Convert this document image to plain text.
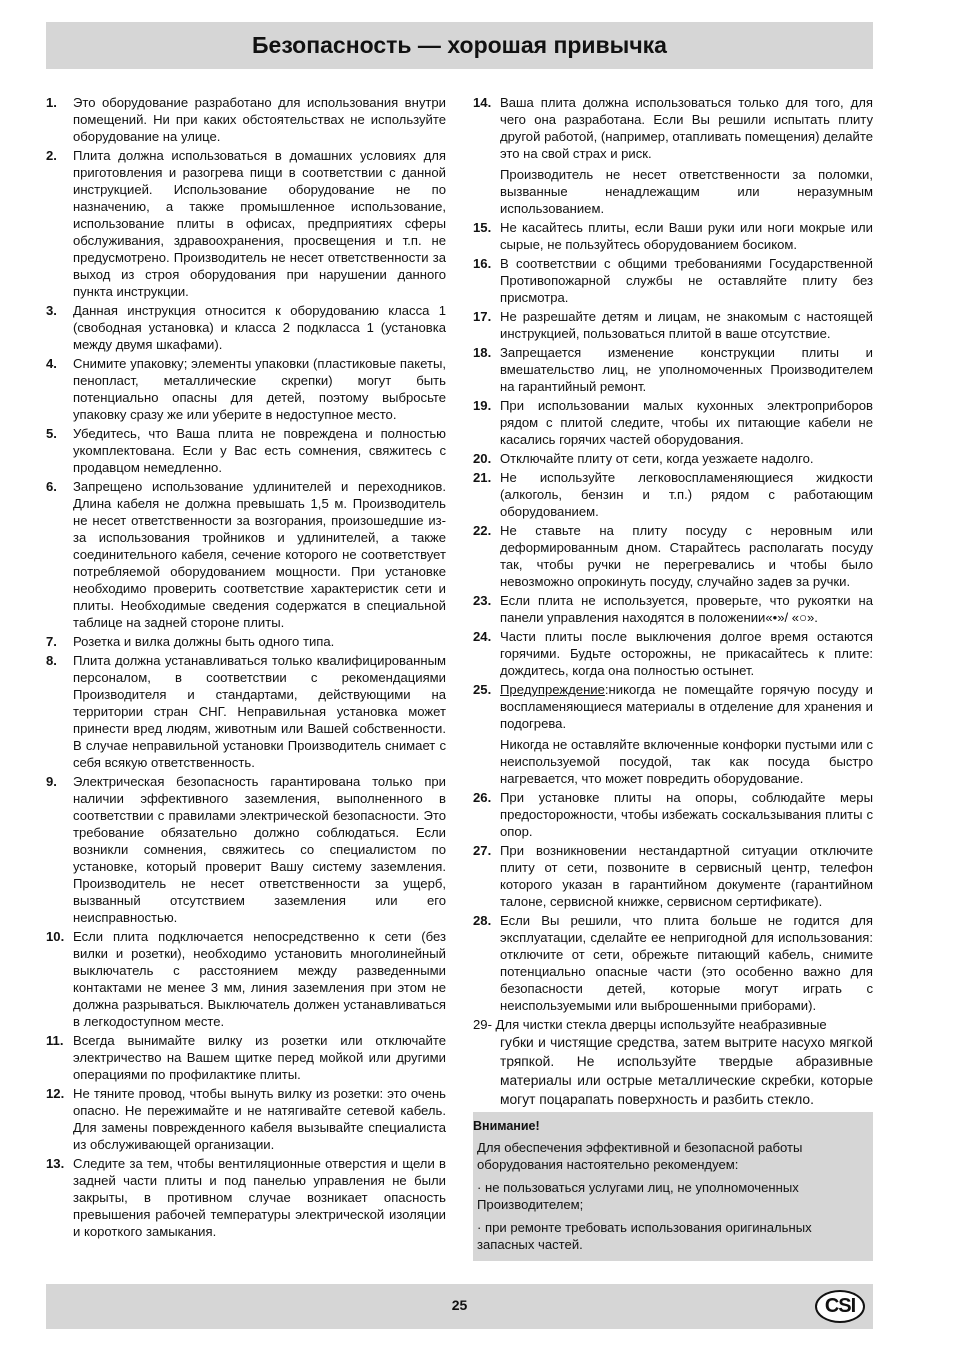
Безопасность — хорошая привычка
1.	Это оборудование разработано для использования внутри помещений. Ни при каких обстоятельствах не используйте оборудование на улице.

2.	Плита должна использоваться в домашних условиях для приготовления и разогрева пищи в соответствии с данной инструкцией. Использование оборудование не по назначению, а также промышленное использование, использование плиты в офисах, предприятиях сферы обслуживания, здравоохранения, просвещения и т.п. не предусмотрено. Производитель не несет ответственности за выход из строя оборудования при нарушении данного пункта инструкции.

3.	Данная инструкция относится к оборудованию класса 1 (свободная установка) и класса 2 подкласса 1 (установка между двумя шкафами).

4.	Снимите упаковку; элементы упаковки (пластиковые пакеты, пенопласт, металлические скрепки) могут быть потенциально опасны для детей, поэтому выбросьте упаковку сразу же или уберите в недоступное место.

5.	Убедитесь, что Ваша плита не повреждена и полностью укомплектована. Если у Вас есть сомнения, свяжитесь с продавцом немедленно.

6.	Запрещено использование удлинителей и переходников. Длина кабеля не должна превышать 1,5 м. Производитель не несет ответственности за возгорания, произошедшие из-за использования тройников и удлинителей, а также соединительного кабеля, сечение которого не соответствует потребляемой оборудованием мощности. При установке необходимо проверить соответствие характеристик сети и плиты. Необходимые сведения содержатся в специальной таблице на задней стороне плиты.

7.	Розетка и вилка должны быть одного типа.

8.	Плита должна устанавливаться только квалифицированным персоналом, в соответствии с рекомендациями Производителя и стандартами, действующими на территории стран СНГ. Неправильная установка может принести вред людям, животным или Вашей собственности. В случае неправильной установки Производитель снимает с себя всякую ответственность.

9.	Электрическая безопасность гарантирована только при наличии эффективного заземления, выполненного в соответствии с правилами электрической безопасности. Это требование обязательно должно соблюдаться. Если возникли сомнения, свяжитесь со специалистом по установке, который проверит Вашу систему заземления. Производитель не несет ответственности за ущерб, вызванный отсутствием заземления или его неисправностью.

10. Если плита подключается непосредственно к сети (без вилки и розетки), необходимо установить многолинейный выключатель с расстоянием между разведенными контактами не менее 3 мм, линия заземления при этом не должна разрываться. Выключатель должен устанавливаться в легкодоступном месте.

11. Всегда вынимайте вилку из розетки или отключайте электричество на Вашем щитке перед мойкой или другими операциями по профилактике плиты.

12. Не тяните провод, чтобы вынуть вилку из розетки: это очень опасно. Не пережимайте и не натягивайте сетевой кабель. Для замены поврежденного кабеля вызывайте специалиста из обслуживающей организации.

13. Следите за тем, чтобы вентиляционные отверстия и щели в задней части плиты и под панелью управления не были закрыты, в противном случае возникает опасность превышения рабочей температуры электрической изоляции и короткого замыкания.

14. Ваша плита должна использоваться только для того, для чего она разработана. Если Вы решили испытать плиту другой работой, (например, отапливать помещения) делайте это на свой страх и риск.

Производитель не несет ответственности за поломки, вызванные ненадлежащим или неразумным использованием.

15. Не касайтесь плиты, если Ваши руки или ноги мокрые или сырые, не пользуйтесь оборудованием босиком.

16. В соответствии с общими требованиями Государственной Противопожарной службы не оставляйте плиту без присмотра.

17. Не разрешайте детям и лицам, не знакомым с настоящей инструкцией, пользоваться плитой в ваше отсутствие.

18. Запрещается изменение конструкции плиты и вмешательство лиц, не уполномоченных Производителем на гарантийный ремонт.

19. При использовании малых кухонных электроприборов рядом с плитой следите, чтобы их питающие кабели не касались горячих частей оборудования.

20. Отключайте плиту от сети, когда уезжаете надолго.

21. Не используйте легковоспламеняющиеся жидкости (алкоголь, бензин и т.п.) рядом с работающим оборудованием.

22. Не ставьте на плиту посуду с неровным или деформированным дном. Старайтесь располагать посуду так, чтобы ручки не перегревались и чтобы было невозможно опрокинуть посуду, случайно задев за ручки.

23. Если плита не используется, проверьте, что рукоятки на панели управления находятся в положении«•»/ «○».

24. Части плиты после выключения долгое время остаются горячими. Будьте осторожны, не прикасайтесь к плите: дождитесь, когда она полностью остынет.

25. Предупреждение:никогда не помещайте горячую посуду и воспламеняющиеся материалы в отделение для хранения и подогрева.

Никогда не оставляйте включенные конфорки пустыми или с неиспользуемой посудой, так как посуда быстро нагревается, что может повредить оборудование.

26. При установке плиты на опоры, соблюдайте меры предосторожности, чтобы избежать соскальзывания плиты с опор.

27. При возникновении нестандартной ситуации отключите плиту от сети, позвоните в сервисный центр, телефон которого указан в гарантийном документе (гарантийном талоне, сервисной книжке, сервисном сертификате).

28. Если Вы решили, что плита больше не годится для эксплуатации, сделайте ее непригодной для использования: отключите от сети, обрежьте питающий кабель, снимите потенциально опасные части (это особенно важно для безопасности детей, которые могут играть с неиспользуемыми или выброшенными приборами).

29- Для чистки стекла дверцы используйте неабразивные
губки и чистящие средства, затем вытрите насухо мягкой тряпкой. Не используйте твердые абразивные материалы или острые металлические скребки, которые могут поцарапать поверхность и разбить стекло.
Внимание!

Для обеспечения эффективной и безопасной работы оборудования настоятельно рекомендуем:

· не пользоваться услугами лиц, не уполномоченных Производителем;

· при ремонте требовать использования оригинальных запасных частей.

25	CSI
